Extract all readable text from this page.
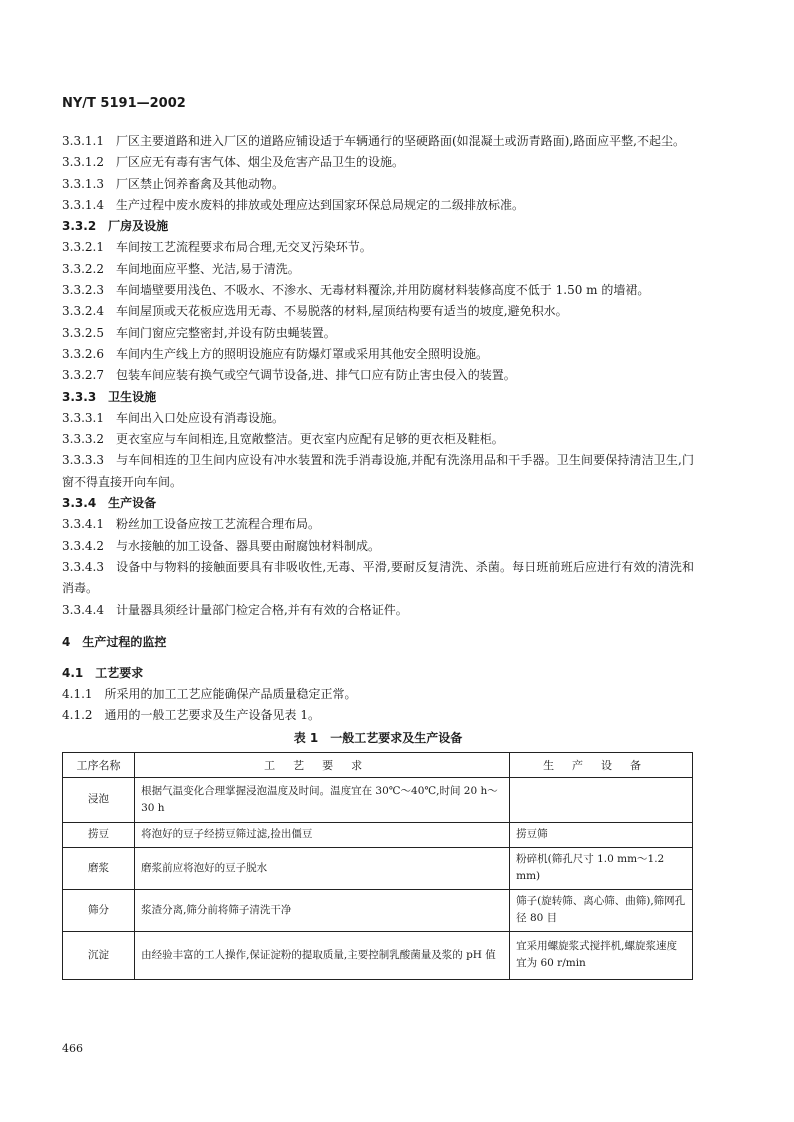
NY/T 5191—2002
3.3.1.1 厂区主要道路和进入厂区的道路应铺设适于车辆通行的坚硬路面(如混凝土或沥青路面),路面应平整,不起尘。
3.3.1.2 厂区应无有毒有害气体、烟尘及危害产品卫生的设施。
3.3.1.3 厂区禁止饲养畜禽及其他动物。
3.3.1.4 生产过程中废水废料的排放或处理应达到国家环保总局规定的二级排放标准。
3.3.2 厂房及设施
3.3.2.1 车间按工艺流程要求布局合理,无交叉污染环节。
3.3.2.2 车间地面应平整、光洁,易于清洗。
3.3.2.3 车间墙壁要用浅色、不吸水、不渗水、无毒材料覆涂,并用防腐材料装修高度不低于 1.50 m 的墙裙。
3.3.2.4 车间屋顶或天花板应选用无毒、不易脱落的材料,屋顶结构要有适当的坡度,避免积水。
3.3.2.5 车间门窗应完整密封,并设有防虫蝇装置。
3.3.2.6 车间内生产线上方的照明设施应有防爆灯罩或采用其他安全照明设施。
3.3.2.7 包装车间应装有换气或空气调节设备,进、排气口应有防止害虫侵入的装置。
3.3.3 卫生设施
3.3.3.1 车间出入口处应设有消毒设施。
3.3.3.2 更衣室应与车间相连,且宽敞整洁。更衣室内应配有足够的更衣柜及鞋柜。
3.3.3.3 与车间相连的卫生间内应设有冲水装置和洗手消毒设施,并配有洗涤用品和干手器。卫生间要保持清洁卫生,门窗不得直接开向车间。
3.3.4 生产设备
3.3.4.1 粉丝加工设备应按工艺流程合理布局。
3.3.4.2 与水接触的加工设备、器具要由耐腐蚀材料制成。
3.3.4.3 设备中与物料的接触面要具有非吸收性,无毒、平滑,要耐反复清洗、杀菌。每日班前班后应进行有效的清洗和消毒。
3.3.4.4 计量器具须经计量部门检定合格,并有有效的合格证件。
4 生产过程的监控
4.1 工艺要求
4.1.1 所采用的加工工艺应能确保产品质量稳定正常。
4.1.2 通用的一般工艺要求及生产设备见表 1。
表 1　一般工艺要求及生产设备
工序名称	工艺要求	生产设备
浸泡	根据气温变化合理掌握浸泡温度及时间。温度宜在 30℃～40℃,时间 20 h～30 h	
捞豆	将泡好的豆子经捞豆筛过滤,捡出僵豆	捞豆筛
磨浆	磨浆前应将泡好的豆子脱水	粉碎机(筛孔尺寸 1.0 mm～1.2 mm)
筛分	浆渣分离,筛分前将筛子清洗干净	筛子(旋转筛、离心筛、曲筛),筛网孔径 80 目
沉淀	由经验丰富的工人操作,保证淀粉的提取质量,主要控制乳酸菌量及浆的 pH 值	宜采用螺旋浆式搅拌机,螺旋浆速度宜为 60 r/min
466
